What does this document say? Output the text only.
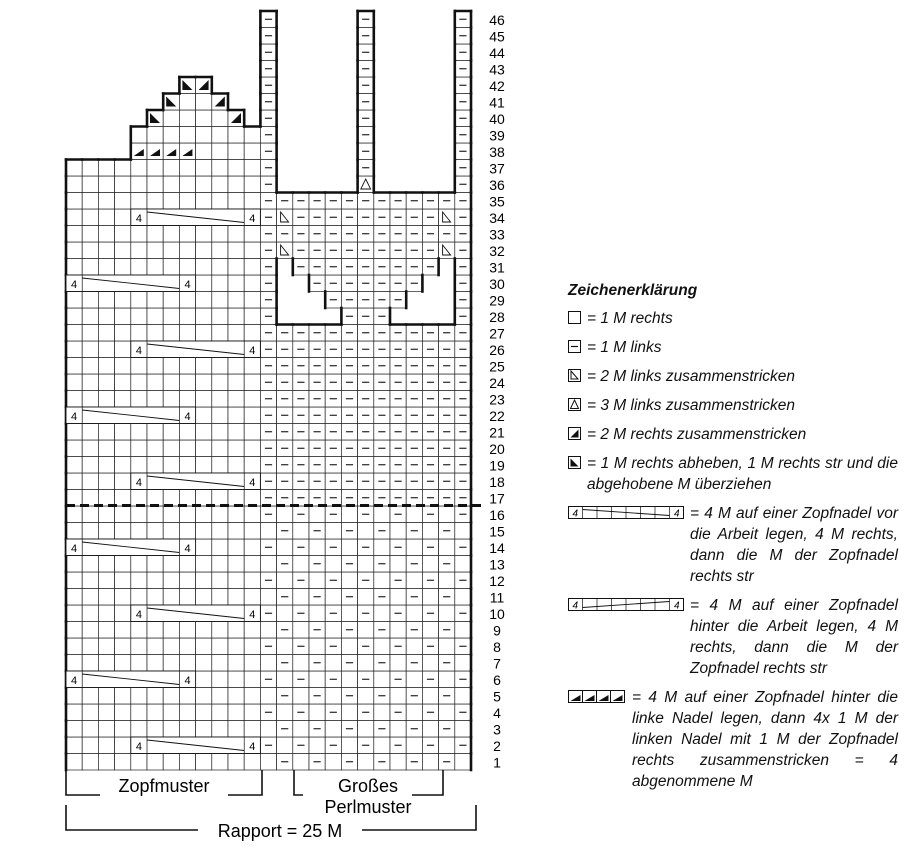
4	4
4	4
4	4
4	4
4	4
4	4
4	4
4	4
4	4
1
2
3
4
5
6
7
8
9
10
11
12
13
14
15
16
17
18
19
20
21
22
23
24
25
26
27
28
29
30
31
32
33
34
35
36
37
38
39
40
41
42
43
44
45
46
Zopfmuster	Großes
Perlmuster
Rapport = 25 M
Zeichenerklärung
= 1 M rechts
= 1 M links
= 2 M links zusammenstricken
= 3 M links zusammenstricken
= 2 M rechts zusammenstricken
= 1 M rechts abheben, 1 M rechts str und die abgehobene M überziehen
4	4 = 4 M auf einer Zopfnadel vor die Arbeit legen, 4 M rechts, dann die M der Zopfnadel rechts str
4	4 = 4 M auf einer Zopfnadel hinter die Arbeit legen, 4 M rechts, dann die M der Zopfnadel rechts str
= 4 M auf einer Zopfnadel hinter die linke Nadel legen, dann 4x 1 M der linken Nadel mit 1 M der Zopfnadel rechts zusammenstricken = 4 abgenommene M
